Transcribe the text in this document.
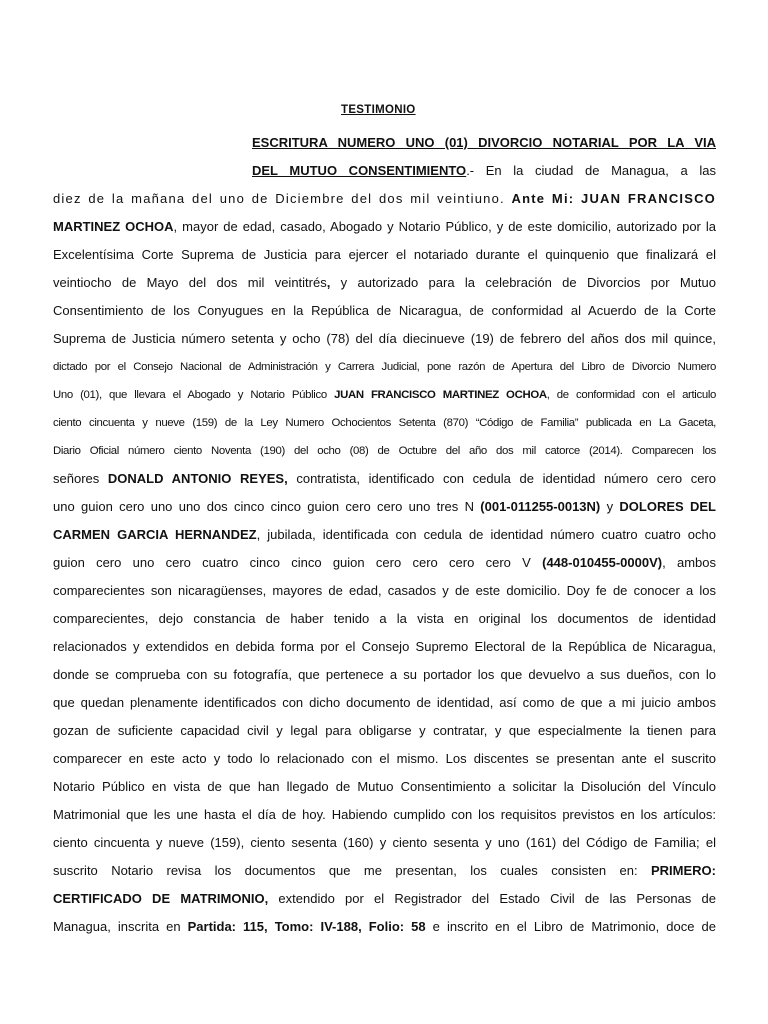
TESTIMONIO
ESCRITURA NUMERO UNO (01) DIVORCIO NOTARIAL POR LA VIA
DEL MUTUO CONSENTIMIENTO.- En la ciudad de Managua, a las
diez de la mañana del uno de Diciembre del dos mil veintiuno. Ante Mi: JUAN FRANCISCO
MARTINEZ OCHOA, mayor de edad, casado, Abogado y Notario Público, y de este domicilio, autorizado por la
Excelentísima Corte Suprema de Justicia para ejercer el notariado durante el quinquenio que finalizará el
veintiocho de Mayo del dos mil veintitrés, y autorizado para la celebración de Divorcios por Mutuo
Consentimiento de los Conyugues en la República de Nicaragua, de conformidad al Acuerdo de la Corte
Suprema de Justicia número setenta y ocho (78) del día diecinueve (19) de febrero del años dos mil quince,
dictado por el Consejo Nacional de Administración y Carrera Judicial, pone razón de Apertura del Libro de Divorcio Numero
Uno (01), que llevara el Abogado y Notario Público JUAN FRANCISCO MARTINEZ OCHOA, de conformidad con el articulo
ciento cincuenta y nueve (159) de la Ley Numero Ochocientos Setenta (870) “Código de Familia” publicada en La Gaceta,
Diario Oficial número ciento Noventa (190) del ocho (08) de Octubre del año dos mil catorce (2014). Comparecen los
señores DONALD ANTONIO REYES, contratista, identificado con cedula de identidad número cero cero
uno guion cero uno uno dos cinco cinco guion cero cero uno tres N (001-011255-0013N) y DOLORES DEL
CARMEN GARCIA HERNANDEZ, jubilada, identificada con cedula de identidad número cuatro cuatro ocho
guion cero uno cero cuatro cinco cinco guion cero cero cero cero V (448-010455-0000V), ambos
comparecientes son nicaragüenses, mayores de edad, casados y de este domicilio. Doy fe de conocer a los
comparecientes, dejo constancia de haber tenido a la vista en original los documentos de identidad
relacionados y extendidos en debida forma por el Consejo Supremo Electoral de la República de Nicaragua,
donde se comprueba con su fotografía, que pertenece a su portador los que devuelvo a sus dueños, con lo
que quedan plenamente identificados con dicho documento de identidad, así como de que a mi juicio ambos
gozan de suficiente capacidad civil y legal para obligarse y contratar, y que especialmente la tienen para
comparecer en este acto y todo lo relacionado con el mismo. Los discentes se presentan ante el suscrito
Notario Público en vista de que han llegado de Mutuo Consentimiento a solicitar la Disolución del Vínculo
Matrimonial que les une hasta el día de hoy. Habiendo cumplido con los requisitos previstos en los artículos:
ciento cincuenta y nueve (159), ciento sesenta (160) y ciento sesenta y uno (161) del Código de Familia; el
suscrito Notario revisa los documentos que me presentan, los cuales consisten en: PRIMERO:
CERTIFICADO DE MATRIMONIO, extendido por el Registrador del Estado Civil de las Personas de
Managua, inscrita en Partida: 115, Tomo: IV-188, Folio: 58 e inscrito en el Libro de Matrimonio, doce de
